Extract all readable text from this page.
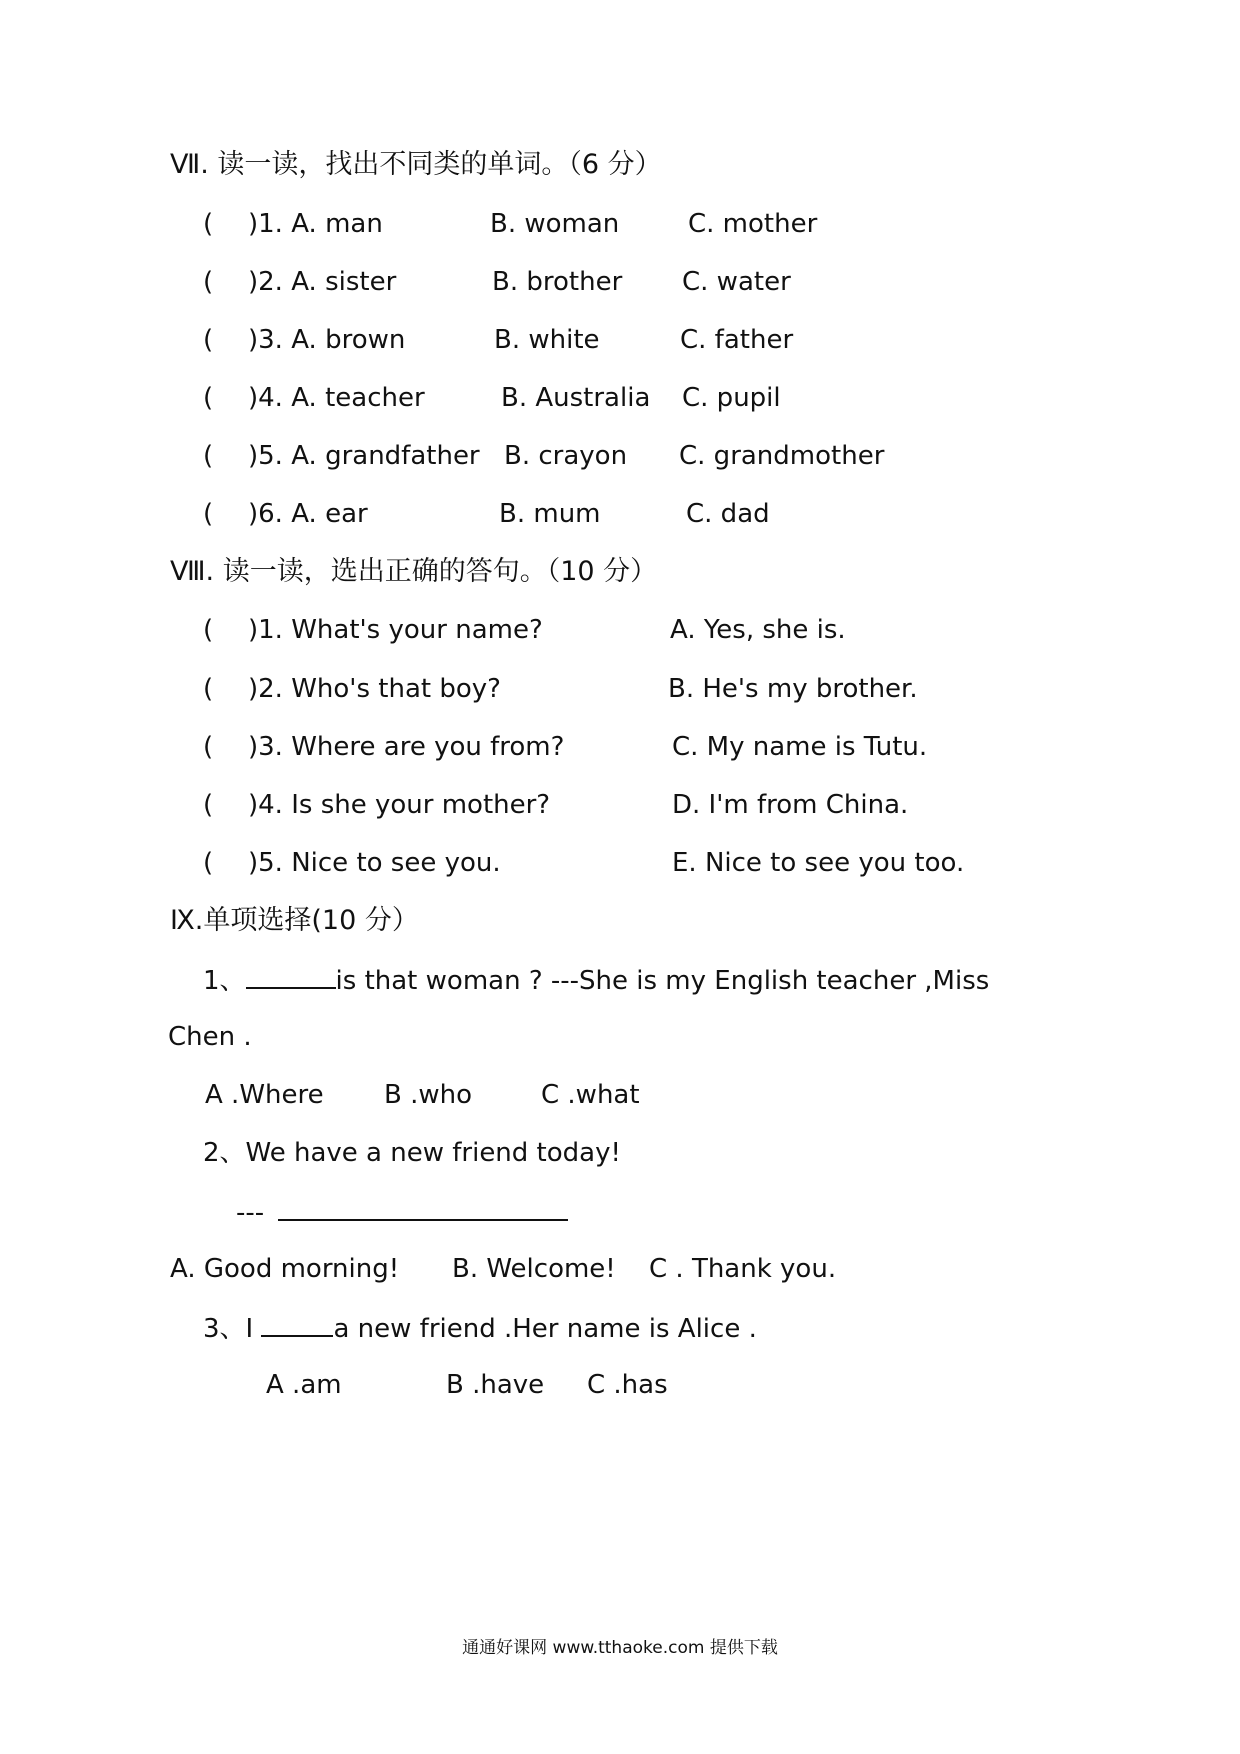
Ⅶ. 读一读，找出不同类的单词。（6 分）
( )1. A. man	B. woman	C. mother
( )2. A. sister	B. brother C. water
( )3. A. brown	B. white	C. father
( )4. A. teacher	B. Australia C. pupil
( )5. A. grandfather B. crayon C. grandmother
( )6. A. ear	B. mum	C. dad
Ⅷ. 读一读，选出正确的答句。（10 分）
( )1. What's your name?	A. Yes, she is.
( )2. Who's that boy?	B. He's my brother.
( )3. Where are you from?	C. My name is Tutu.
( )4. Is she your mother?	D. I'm from China.
( )5. Nice to see you.	E. Nice to see you too.
Ⅸ.单项选择(10 分）
1、	is that woman ? ---She is my English teacher ,Miss
Chen .
A .Where B .who	C .what
2、We have a new friend today!
---
A. Good morning! B. Welcome! C . Thank you.
3、I	a new friend .Her name is Alice .
A .am	B .have C .has
通通好课网 www.tthaoke.com 提供下载
